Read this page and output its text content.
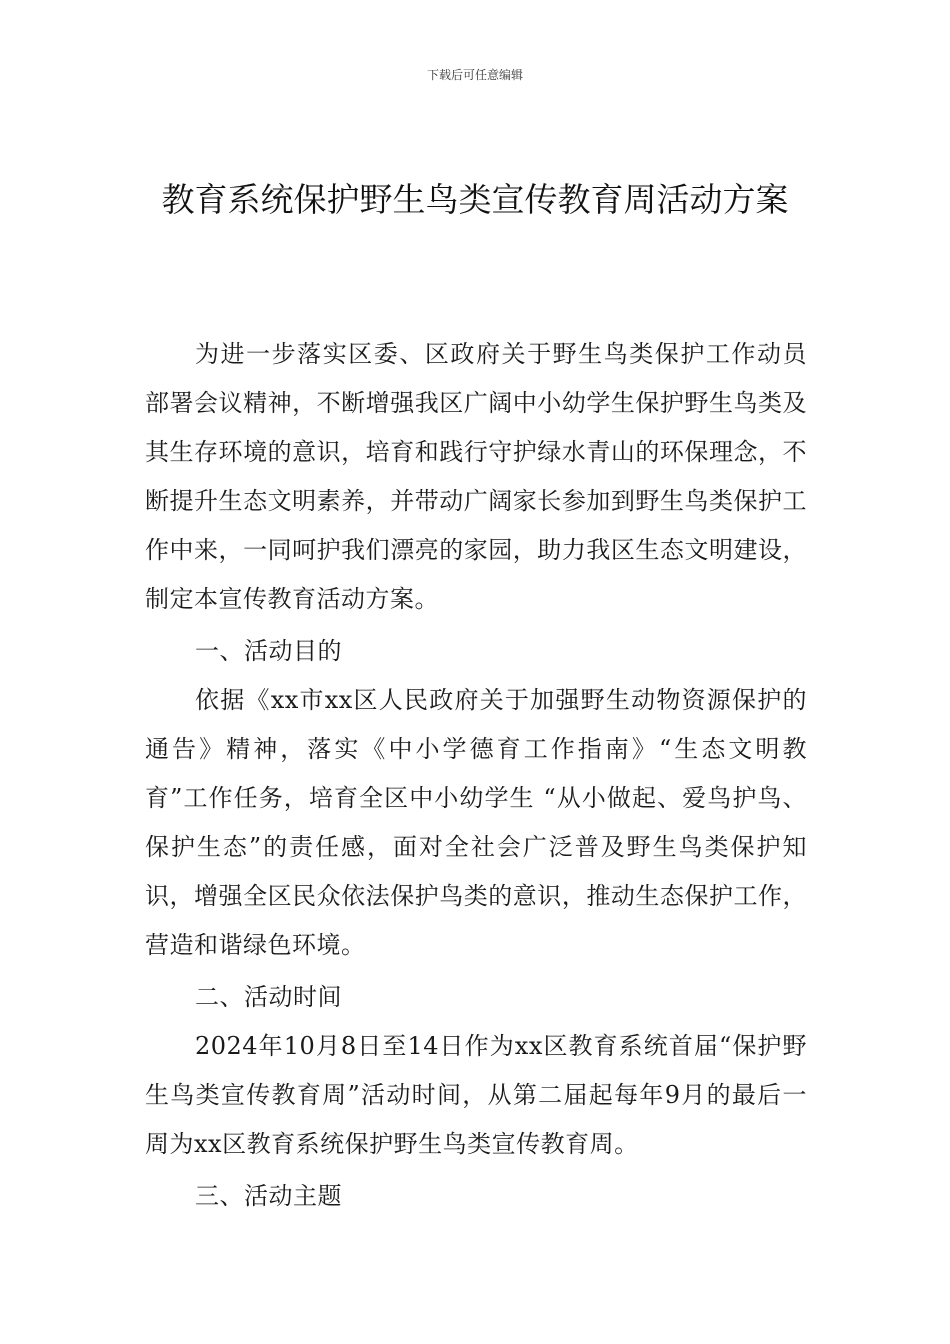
下载后可任意编辑
教育系统保护野生鸟类宣传教育周活动方案

为进一步落实区委、区政府关于野生鸟类保护工作动员部署会议精神，不断增强我区广阔中小幼学生保护野生鸟类及其生存环境的意识，培育和践行守护绿水青山的环保理念，不断提升生态文明素养，并带动广阔家长参加到野生鸟类保护工作中来，一同呵护我们漂亮的家园，助力我区生态文明建设，制定本宣传教育活动方案。

一、活动目的

依据《xx市xx区人民政府关于加强野生动物资源保护的通告》精神，落实《中小学德育工作指南》“生态文明教育”工作任务，培育全区中小幼学生 “从小做起、爱鸟护鸟、保护生态”的责任感，面对全社会广泛普及野生鸟类保护知识，增强全区民众依法保护鸟类的意识，推动生态保护工作，营造和谐绿色环境。

二、活动时间

2024年10月8日至14日作为xx区教育系统首届“保护野生鸟类宣传教育周”活动时间，从第二届起每年9月的最后一周为xx区教育系统保护野生鸟类宣传教育周。

三、活动主题
